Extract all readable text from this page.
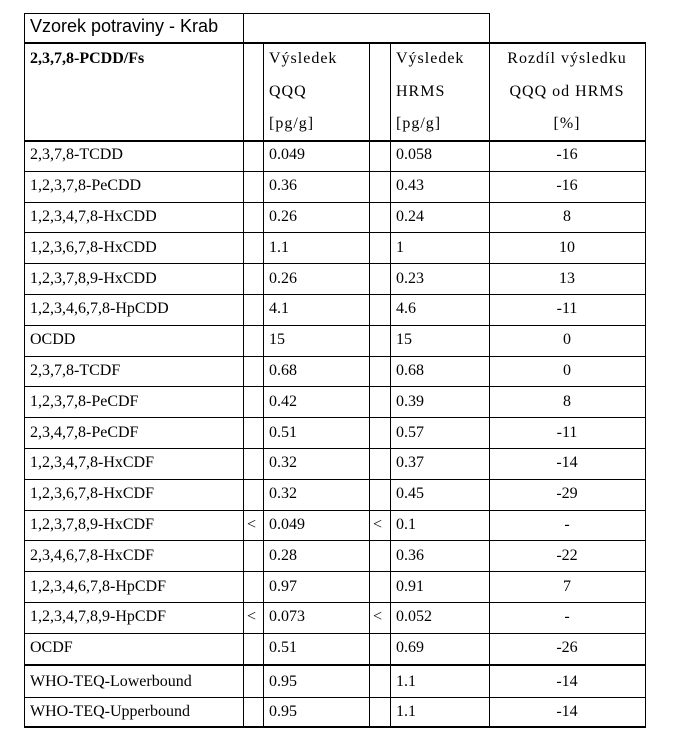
Vzorek potraviny - Krab
2,3,7,8-PCDD/Fs	Výsledek	Výsledek	Rozdíl výsledku
QQQ	HRMS	QQQ od HRMS
[pg/g]	[pg/g]	[%]
2,3,7,8-TCDD	0.049	0.058	-16
1,2,3,7,8-PeCDD	0.36	0.43	-16
1,2,3,4,7,8-HxCDD	0.26	0.24	8
1,2,3,6,7,8-HxCDD	1.1	1	10
1,2,3,7,8,9-HxCDD	0.26	0.23	13
1,2,3,4,6,7,8-HpCDD	4.1	4.6	-11
OCDD	15	15	0
2,3,7,8-TCDF	0.68	0.68	0
1,2,3,7,8-PeCDF	0.42	0.39	8
2,3,4,7,8-PeCDF	0.51	0.57	-11
1,2,3,4,7,8-HxCDF	0.32	0.37	-14
1,2,3,6,7,8-HxCDF	0.32	0.45	-29
1,2,3,7,8,9-HxCDF	< 0.049	< 0.1	-
2,3,4,6,7,8-HxCDF	0.28	0.36	-22
1,2,3,4,6,7,8-HpCDF	0.97	0.91	7
1,2,3,4,7,8,9-HpCDF	< 0.073	< 0.052	-
OCDF	0.51	0.69	-26
WHO-TEQ-Lowerbound	0.95	1.1	-14
WHO-TEQ-Upperbound	0.95	1.1	-14
